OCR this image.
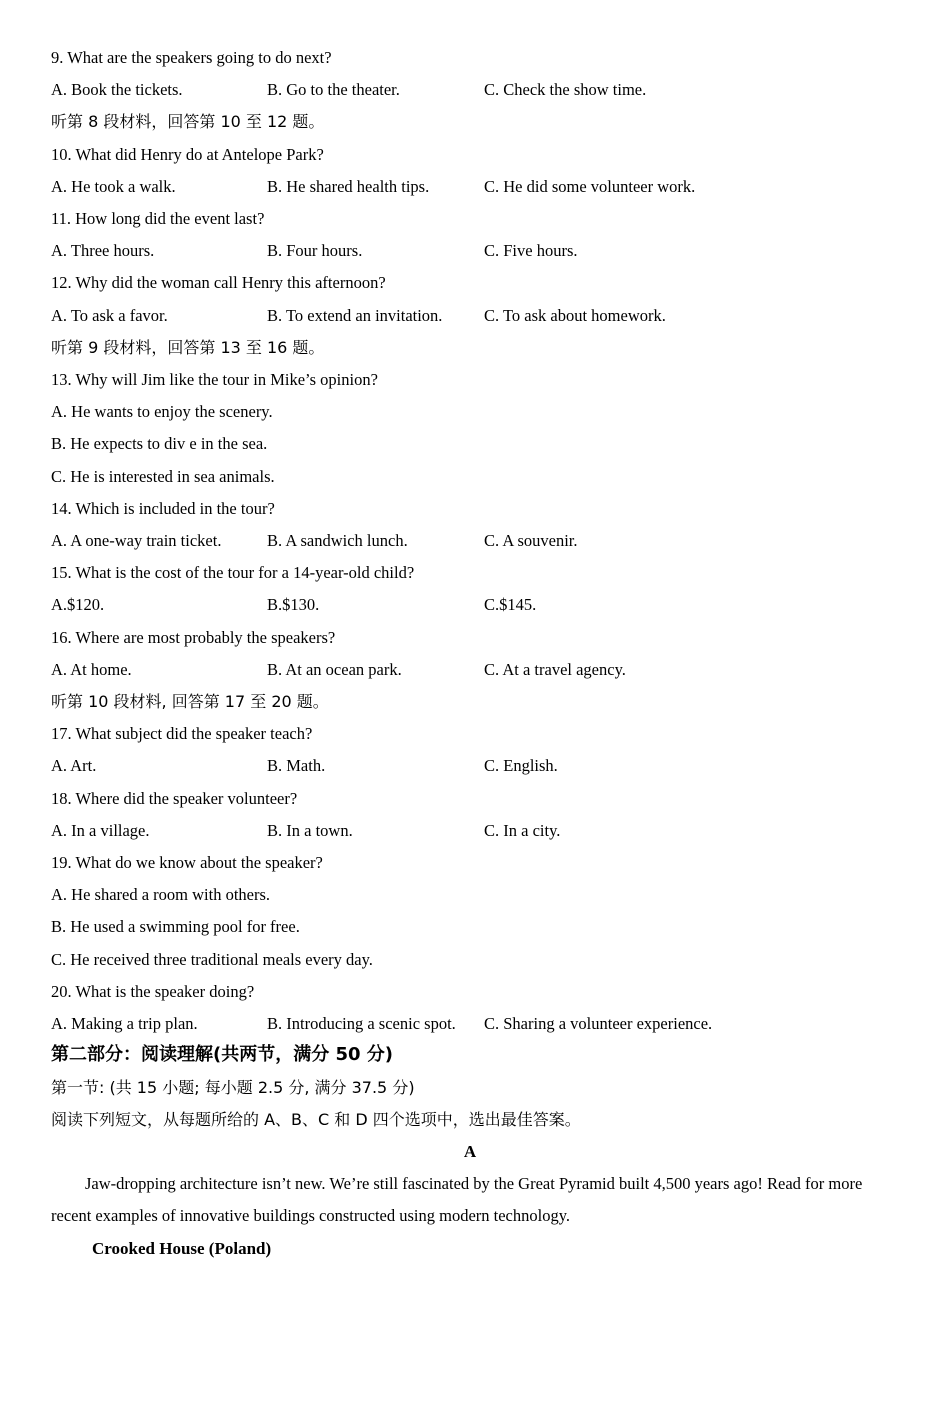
9. What are the speakers going to do next?
A. Book the tickets.	B. Go to the theater.	C. Check the show time.
听第 8 段材料，回答第 10 至 12 题。
10. What did Henry do at Antelope Park?
A. He took a walk.	B. He shared health tips.	C. He did some volunteer work.
11. How long did the event last?
A. Three hours.	B. Four hours.	C. Five hours.
12. Why did the woman call Henry this afternoon?
A. To ask a favor.	B. To extend an invitation.	C. To ask about homework.
听第 9 段材料，回答第 13 至 16 题。
13. Why will Jim like the tour in Mike’s opinion?
A. He wants to enjoy the scenery.
B. He expects to div e in the sea.
C. He is interested in sea animals.
14. Which is included in the tour?
A. A one-way train ticket.	B. A sandwich lunch.	C. A souvenir.
15. What is the cost of the tour for a 14-year-old child?
A.$120.	B.$130.	C.$145.
16. Where are most probably the speakers?
A. At home.	B. At an ocean park.	C. At a travel agency.
听第 10 段材料, 回答第 17 至 20 题。
17. What subject did the speaker teach?
A. Art.	B. Math.	C. English.
18. Where did the speaker volunteer?
A. In a village.	B. In a town.	C. In a city.
19. What do we know about the speaker?
A. He shared a room with others.
B. He used a swimming pool for free.
C. He received three traditional meals every day.
20. What is the speaker doing?
A. Making a trip plan.	B. Introducing a scenic spot. C. Sharing a volunteer experience.
第二部分：阅读理解(共两节，满分 50 分)
第一节: (共 15 小题; 每小题 2.5 分, 满分 37.5 分)
阅读下列短文，从每题所给的 A、B、C 和 D 四个选项中，选出最佳答案。
A
Jaw-dropping architecture isn’t new. We’re still fascinated by the Great Pyramid built 4,500 years ago! Read for more recent examples of innovative buildings constructed using modern technology.
Crooked House (Poland)
